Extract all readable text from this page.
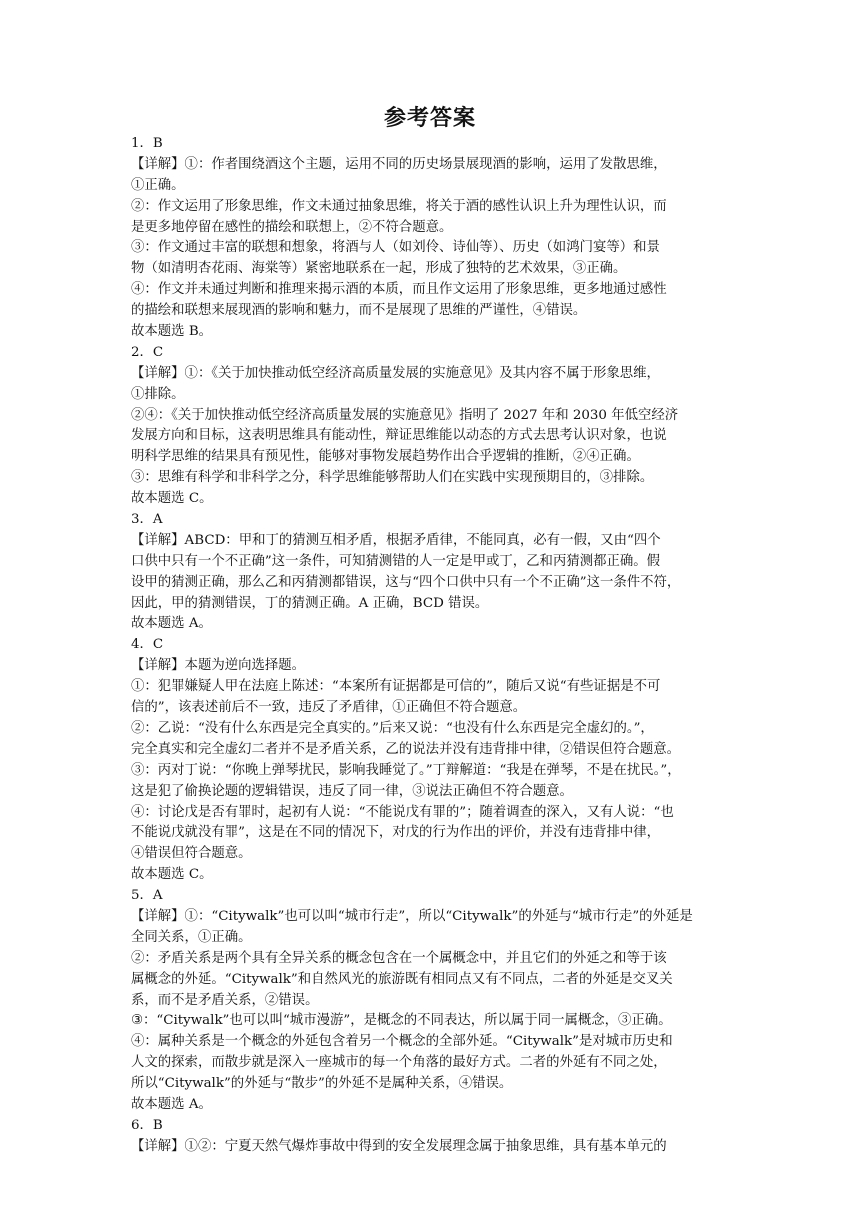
参考答案
1．B
【详解】①：作者围绕酒这个主题，运用不同的历史场景展现酒的影响，运用了发散思维，
①正确。
②：作文运用了形象思维，作文未通过抽象思维，将关于酒的感性认识上升为理性认识，而
是更多地停留在感性的描绘和联想上，②不符合题意。
③：作文通过丰富的联想和想象，将酒与人（如刘伶、诗仙等）、历史（如鸿门宴等）和景
物（如清明杏花雨、海棠等）紧密地联系在一起，形成了独特的艺术效果，③正确。
④：作文并未通过判断和推理来揭示酒的本质，而且作文运用了形象思维，更多地通过感性
的描绘和联想来展现酒的影响和魅力，而不是展现了思维的严谨性，④错误。
故本题选 B。
2．C
【详解】①：《关于加快推动低空经济高质量发展的实施意见》及其内容不属于形象思维，
①排除。
②④：《关于加快推动低空经济高质量发展的实施意见》指明了 2027 年和 2030 年低空经济
发展方向和目标，这表明思维具有能动性，辩证思维能以动态的方式去思考认识对象，也说
明科学思维的结果具有预见性，能够对事物发展趋势作出合乎逻辑的推断，②④正确。
③：思维有科学和非科学之分，科学思维能够帮助人们在实践中实现预期目的，③排除。
故本题选 C。
3．A
【详解】ABCD：甲和丁的猜测互相矛盾，根据矛盾律，不能同真，必有一假，又由“四个
口供中只有一个不正确”这一条件，可知猜测错的人一定是甲或丁，乙和丙猜测都正确。假
设甲的猜测正确，那么乙和丙猜测都错误，这与“四个口供中只有一个不正确”这一条件不符，
因此，甲的猜测错误，丁的猜测正确。A 正确，BCD 错误。
故本题选 A。
4．C
【详解】本题为逆向选择题。
①：犯罪嫌疑人甲在法庭上陈述：“本案所有证据都是可信的”，随后又说“有些证据是不可
信的”，该表述前后不一致，违反了矛盾律，①正确但不符合题意。
②：乙说：“没有什么东西是完全真实的。”后来又说：“也没有什么东西是完全虚幻的。”，
完全真实和完全虚幻二者并不是矛盾关系，乙的说法并没有违背排中律，②错误但符合题意。
③：丙对丁说：“你晚上弹琴扰民，影响我睡觉了。”丁辩解道：“我是在弹琴，不是在扰民。”，
这是犯了偷换论题的逻辑错误，违反了同一律，③说法正确但不符合题意。
④：讨论戊是否有罪时，起初有人说：“不能说戊有罪的”；随着调查的深入，又有人说：“也
不能说戊就没有罪”，这是在不同的情况下，对戊的行为作出的评价，并没有违背排中律，
④错误但符合题意。
故本题选 C。
5．A
【详解】①：“Citywalk”也可以叫“城市行走”，所以“Citywalk”的外延与“城市行走”的外延是
全同关系，①正确。
②：矛盾关系是两个具有全异关系的概念包含在一个属概念中，并且它们的外延之和等于该
属概念的外延。“Citywalk”和自然风光的旅游既有相同点又有不同点，二者的外延是交叉关
系，而不是矛盾关系，②错误。
③：“Citywalk”也可以叫“城市漫游”，是概念的不同表达，所以属于同一属概念，③正确。
④：属种关系是一个概念的外延包含着另一个概念的全部外延。“Citywalk”是对城市历史和
人文的探索，而散步就是深入一座城市的每一个角落的最好方式。二者的外延有不同之处，
所以“Citywalk”的外延与“散步”的外延不是属种关系，④错误。
故本题选 A。
6．B
【详解】①②：宁夏天然气爆炸事故中得到的安全发展理念属于抽象思维，具有基本单元的
